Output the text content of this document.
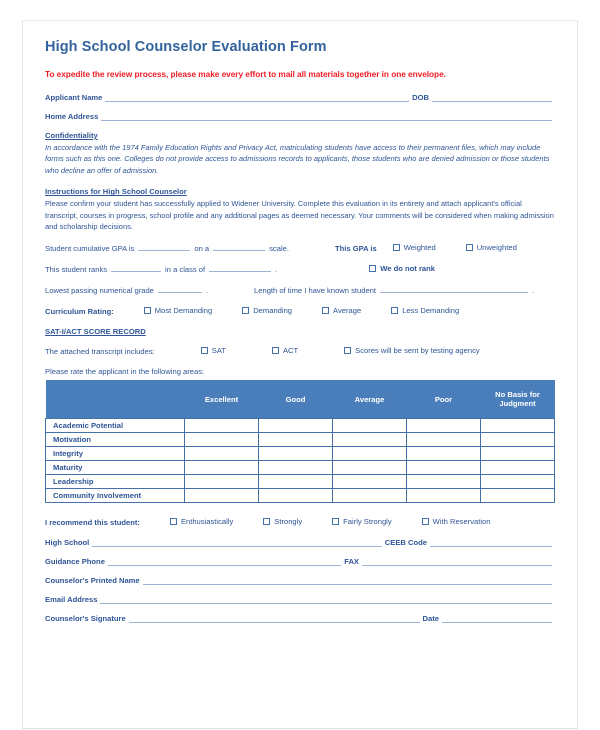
High School Counselor Evaluation Form
To expedite the review process, please make every effort to mail all materials together in one envelope.
Applicant Name	DOB
Home Address
Confidentiality
In accordance with the 1974 Family Education Rights and Privacy Act, matriculating students have access to their permanent files, which may include forms such as this one. Colleges do not provide access to admissions records to applicants, those students who are denied admission or those students who decline an offer of admission.
Instructions for High School Counselor
Please confirm your student has successfully applied to Widener University. Complete this evaluation in its entirety and attach applicant's official transcript, courses in progress, school profile and any additional pages as deemed necessary. Your comments will be considered when making admission and scholarship decisions.
Student cumulative GPA is	on a	scale.	This GPA is	Weighted	Unweighted
This student ranks	in a class of	.	We do not rank
Lowest passing numerical grade	.	Length of time I have known student	.
Curriculum Rating:	Most Demanding	Demanding	Average	Less Demanding
SAT-I/ACT SCORE RECORD
The attached transcript includes:	SAT	ACT	Scores will be sent by testing agency
Please rate the applicant in the following areas:
	Excellent	Good	Average	Poor	No Basis for Judgment
Academic Potential					
Motivation					
Integrity					
Maturity					
Leadership					
Community Involvement					
I recommend this student:	Enthusiastically	Strongly	Fairly Strongly	With Reservation
High School	CEEB Code
Guidance Phone	FAX
Counselor's Printed Name
Email Address
Counselor's Signature	Date
